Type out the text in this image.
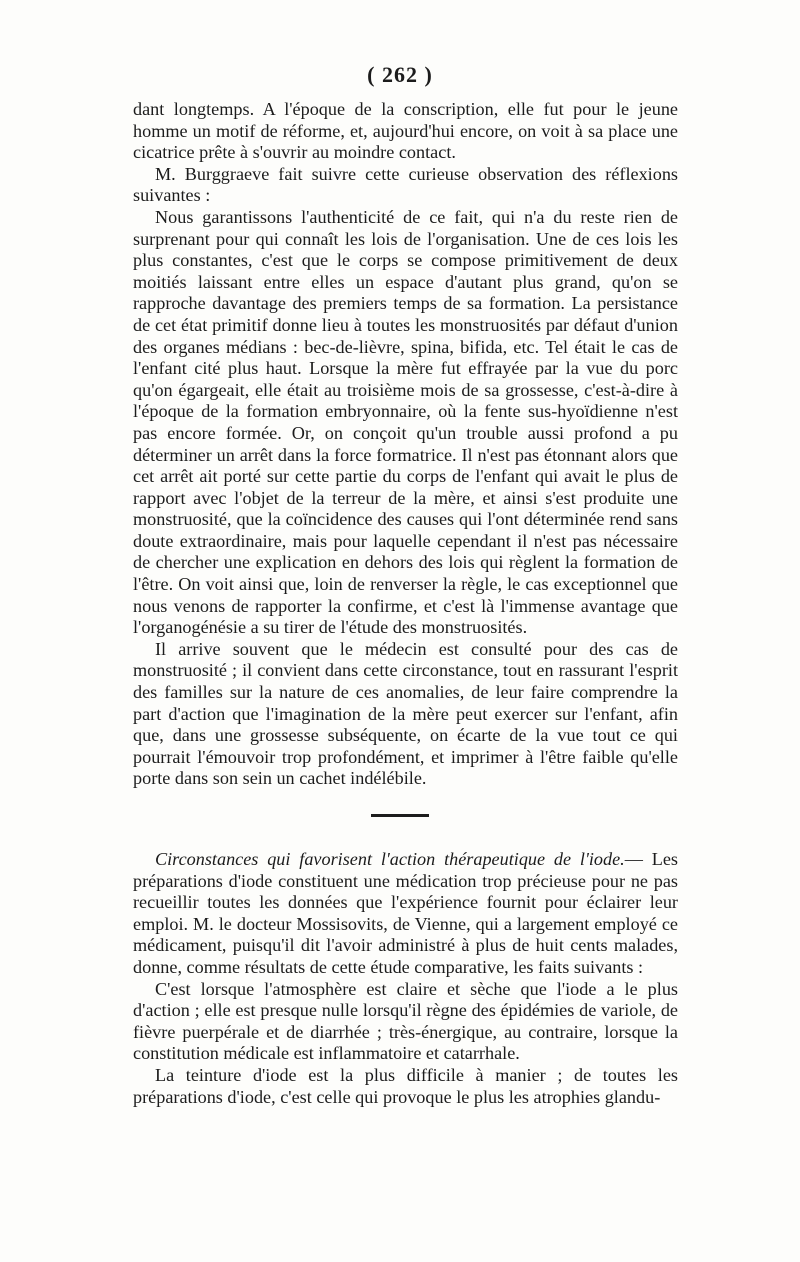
( 262 )

dant longtemps. A l'époque de la conscription, elle fut pour le jeune homme un motif de réforme, et, aujourd'hui encore, on voit à sa place une cicatrice prête à s'ouvrir au moindre contact.

M. Burggraeve fait suivre cette curieuse observation des réflexions suivantes :

Nous garantissons l'authenticité de ce fait, qui n'a du reste rien de surprenant pour qui connaît les lois de l'organisation. Une de ces lois les plus constantes, c'est que le corps se compose primitivement de deux moitiés laissant entre elles un espace d'autant plus grand, qu'on se rapproche davantage des premiers temps de sa formation. La persistance de cet état primitif donne lieu à toutes les monstruosités par défaut d'union des organes médians : bec-de-lièvre, spina, bifida, etc. Tel était le cas de l'enfant cité plus haut. Lorsque la mère fut effrayée par la vue du porc qu'on égargeait, elle était au troisième mois de sa grossesse, c'est-à-dire à l'époque de la formation embryonnaire, où la fente sus-hyoïdienne n'est pas encore formée. Or, on conçoit qu'un trouble aussi profond a pu déterminer un arrêt dans la force formatrice. Il n'est pas étonnant alors que cet arrêt ait porté sur cette partie du corps de l'enfant qui avait le plus de rapport avec l'objet de la terreur de la mère, et ainsi s'est produite une monstruosité, que la coïncidence des causes qui l'ont déterminée rend sans doute extraordinaire, mais pour laquelle cependant il n'est pas nécessaire de chercher une explication en dehors des lois qui règlent la formation de l'être. On voit ainsi que, loin de renverser la règle, le cas exceptionnel que nous venons de rapporter la confirme, et c'est là l'immense avantage que l'organogénésie a su tirer de l'étude des monstruosités.

Il arrive souvent que le médecin est consulté pour des cas de monstruosité ; il convient dans cette circonstance, tout en rassurant l'esprit des familles sur la nature de ces anomalies, de leur faire comprendre la part d'action que l'imagination de la mère peut exercer sur l'enfant, afin que, dans une grossesse subséquente, on écarte de la vue tout ce qui pourrait l'émouvoir trop profondément, et imprimer à l'être faible qu'elle porte dans son sein un cachet indélébile.

Circonstances qui favorisent l'action thérapeutique de l'iode.— Les préparations d'iode constituent une médication trop précieuse pour ne pas recueillir toutes les données que l'expérience fournit pour éclairer leur emploi. M. le docteur Mossisovits, de Vienne, qui a largement employé ce médicament, puisqu'il dit l'avoir administré à plus de huit cents malades, donne, comme résultats de cette étude comparative, les faits suivants :

C'est lorsque l'atmosphère est claire et sèche que l'iode a le plus d'action ; elle est presque nulle lorsqu'il règne des épidémies de variole, de fièvre puerpérale et de diarrhée ; très-énergique, au contraire, lorsque la constitution médicale est inflammatoire et catarrhale.

La teinture d'iode est la plus difficile à manier ; de toutes les préparations d'iode, c'est celle qui provoque le plus les atrophies glandu-
